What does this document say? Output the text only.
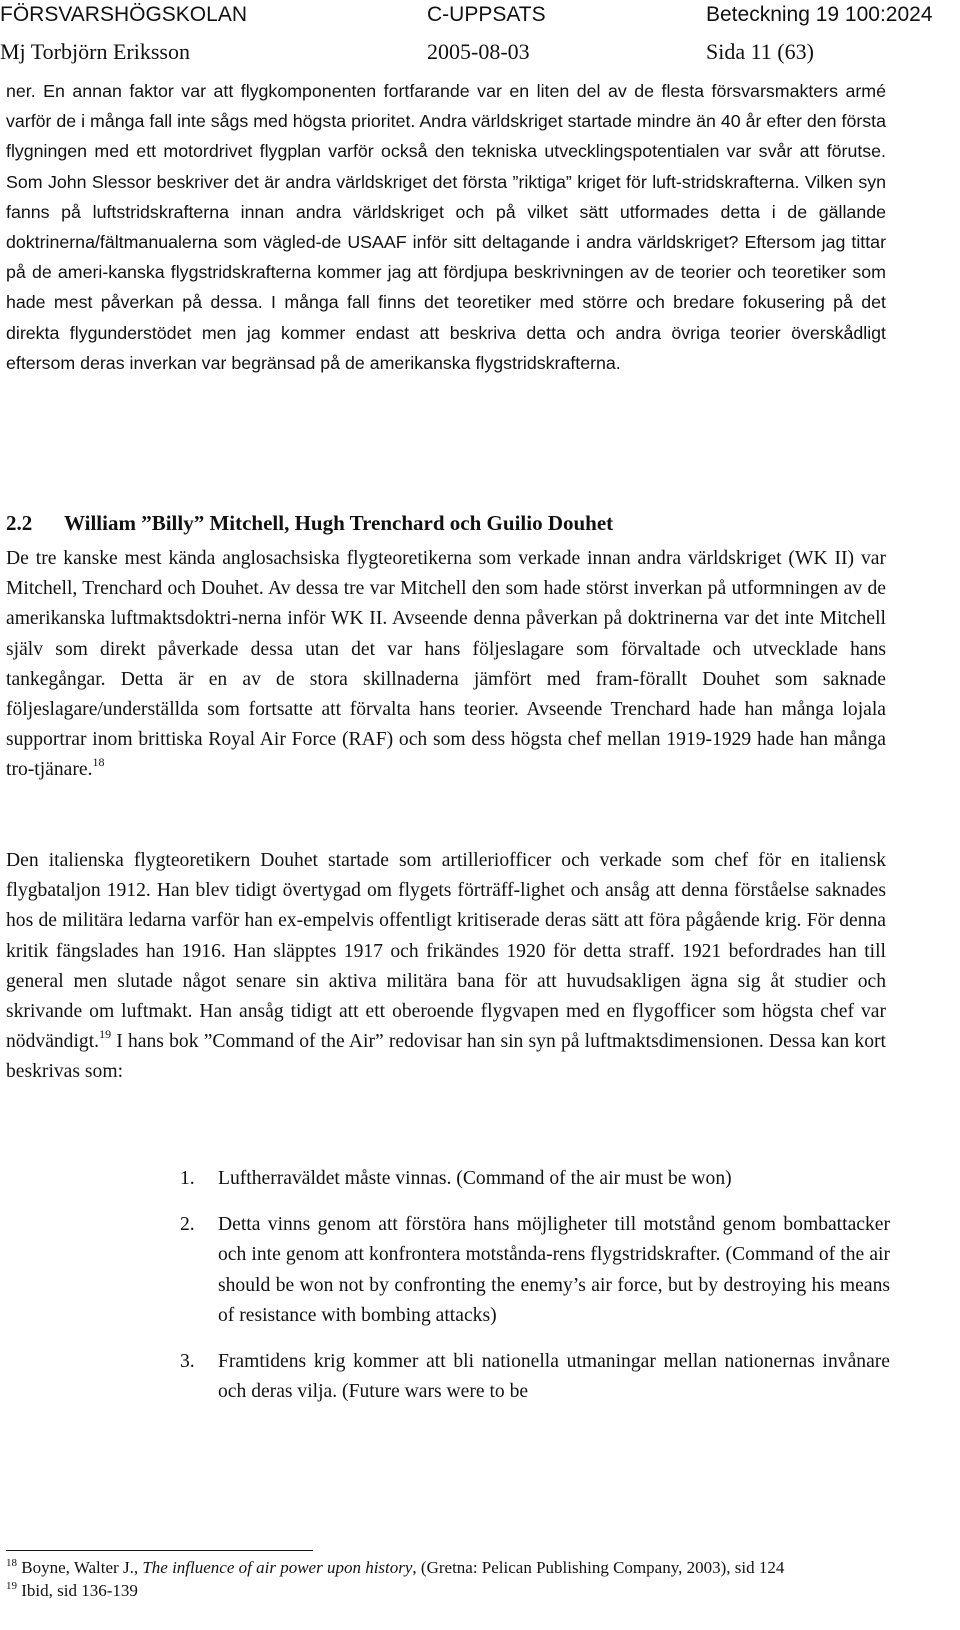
FÖRSVARSHÖGSKOLAN	C-UPPSATS	Beteckning 19 100:2024
Mj Torbjörn Eriksson	2005-08-03	Sida 11 (63)

ner. En annan faktor var att flygkomponenten fortfarande var en liten del av de flesta försvarsmakters armé varför de i många fall inte sågs med högsta prioritet. Andra världskriget startade mindre än 40 år efter den första flygningen med ett motordrivet flygplan varför också den tekniska utvecklingspotentialen var svår att förutse. Som John Slessor beskriver det är andra världskriget det första ”riktiga” kriget för luft-stridskrafterna. Vilken syn fanns på luftstridskrafterna innan andra världskriget och på vilket sätt utformades detta i de gällande doktrinerna/fältmanualerna som vägled-de USAAF inför sitt deltagande i andra världskriget? Eftersom jag tittar på de ameri-kanska flygstridskrafterna kommer jag att fördjupa beskrivningen av de teorier och teoretiker som hade mest påverkan på dessa. I många fall finns det teoretiker med större och bredare fokusering på det direkta flygunderstödet men jag kommer endast att beskriva detta och andra övriga teorier överskådligt eftersom deras inverkan var begränsad på de amerikanska flygstridskrafterna.

2.2 William ”Billy” Mitchell, Hugh Trenchard och Guilio Douhet

De tre kanske mest kända anglosachsiska flygteoretikerna som verkade innan andra världskriget (WK II) var Mitchell, Trenchard och Douhet. Av dessa tre var Mitchell den som hade störst inverkan på utformningen av de amerikanska luftmaktsdoktri-nerna inför WK II. Avseende denna påverkan på doktrinerna var det inte Mitchell själv som direkt påverkade dessa utan det var hans följeslagare som förvaltade och utvecklade hans tankegångar. Detta är en av de stora skillnaderna jämfört med fram-förallt Douhet som saknade följeslagare/underställda som fortsatte att förvalta hans teorier. Avseende Trenchard hade han många lojala supportrar inom brittiska Royal Air Force (RAF) och som dess högsta chef mellan 1919-1929 hade han många tro-tjänare.$^{18}$

Den italienska flygteoretikern Douhet startade som artilleriofficer och verkade som chef för en italiensk flygbataljon 1912. Han blev tidigt övertygad om flygets förträff-lighet och ansåg att denna förståelse saknades hos de militära ledarna varför han ex-empelvis offentligt kritiserade deras sätt att föra pågående krig. För denna kritik fängslades han 1916. Han släpptes 1917 och frikändes 1920 för detta straff. 1921 befordrades han till general men slutade något senare sin aktiva militära bana för att huvudsakligen ägna sig åt studier och skrivande om luftmakt. Han ansåg tidigt att ett oberoende flygvapen med en flygofficer som högsta chef var nödvändigt.$^{19}$ I hans bok ”Command of the Air” redovisar han sin syn på luftmaktsdimensionen. Dessa kan kort beskrivas som:

1. Luftherraväldet måste vinnas. (Command of the air must be won)
2. Detta vinns genom att förstöra hans möjligheter till motstånd genom bombattacker och inte genom att konfrontera motstånda-rens flygstridskrafter. (Command of the air should be won not by confronting the enemy’s air force, but by destroying his means of resistance with bombing attacks)
3. Framtidens krig kommer att bli nationella utmaningar mellan nationernas invånare och deras vilja. (Future wars were to be

$^{18}$ Boyne, Walter J., The influence of air power upon history, (Gretna: Pelican Publishing Company, 2003), sid 124

$^{19}$ Ibid, sid 136-139
